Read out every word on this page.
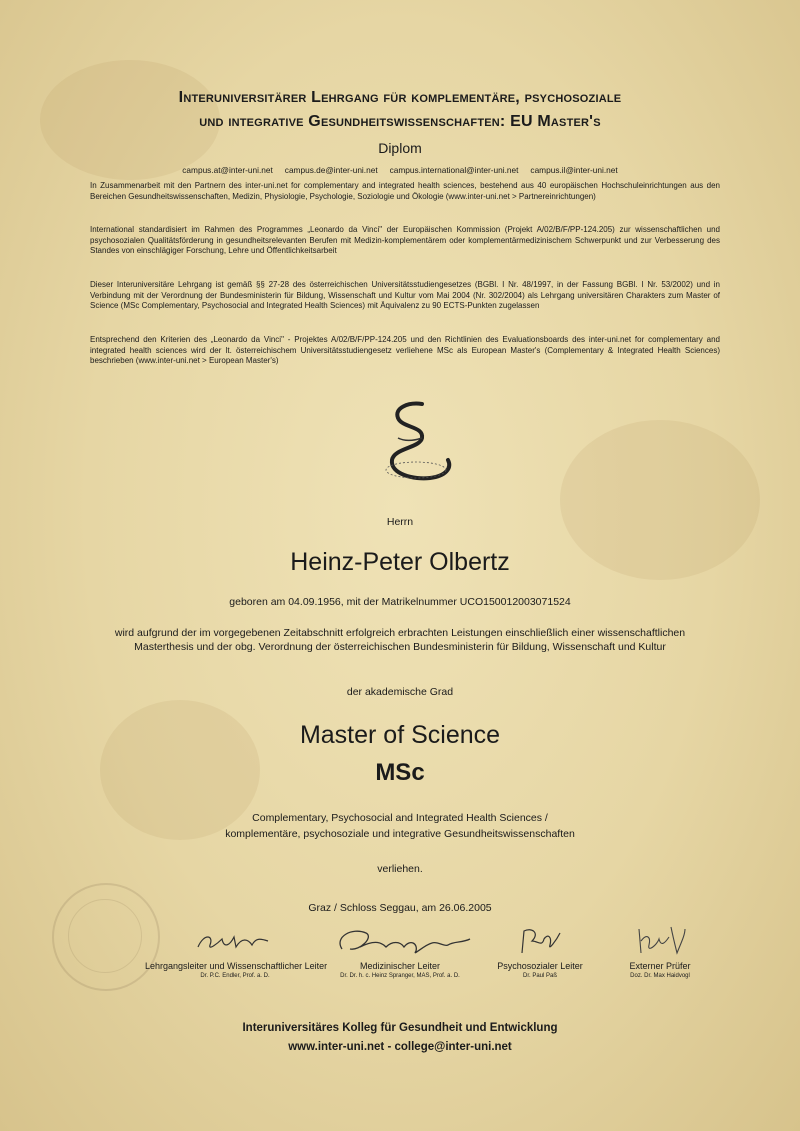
Interuniversitärer Lehrgang für komplementäre, psychosoziale
und integrative Gesundheitswissenschaften: EU Master's
Diplom
campus.at@inter-uni.net campus.de@inter-uni.net campus.international@inter-uni.net campus.il@inter-uni.net
In Zusammenarbeit mit den Partnern des inter-uni.net for complementary and integrated health sciences, bestehend aus 40 europäischen Hochschuleinrichtungen aus den Bereichen Gesundheitswissenschaften, Medizin, Physiologie, Psychologie, Soziologie und Ökologie (www.inter-uni.net > Partnereinrichtungen)
International standardisiert im Rahmen des Programmes „Leonardo da Vinci" der Europäischen Kommission (Projekt A/02/B/F/PP-124.205) zur wissenschaftlichen und psychosozialen Qualitätsförderung in gesundheitsrelevanten Berufen mit Medizin-komplementärem oder komplementärmedizinischem Schwerpunkt und zur Verbesserung des Standes von einschlägiger Forschung, Lehre und Öffentlichkeitsarbeit
Dieser Interuniversitäre Lehrgang ist gemäß §§ 27-28 des österreichischen Universitätsstudiengesetzes (BGBl. I Nr. 48/1997, in der Fassung BGBl. I Nr. 53/2002) und in Verbindung mit der Verordnung der Bundesministerin für Bildung, Wissenschaft und Kultur vom Mai 2004 (Nr. 302/2004) als Lehrgang universitären Charakters zum Master of Science (MSc Complementary, Psychosocial and Integrated Health Sciences) mit Äquivalenz zu 90 ECTS-Punkten zugelassen
Entsprechend den Kriterien des „Leonardo da Vinci" - Projektes A/02/B/F/PP-124.205 und den Richtlinien des Evaluationsboards des inter-uni.net for complementary and integrated health sciences wird der lt. österreichischem Universitätsstudiengesetz verliehene MSc als European Master's (Complementary & Integrated Health Sciences) beschrieben (www.inter-uni.net > European Master's)
Herrn
Heinz-Peter Olbertz
geboren am 04.09.1956, mit der Matrikelnummer UCO150012003071524
wird aufgrund der im vorgegebenen Zeitabschnitt erfolgreich erbrachten Leistungen einschließlich einer wissenschaftlichen Masterthesis und der obg. Verordnung der österreichischen Bundesministerin für Bildung, Wissenschaft und Kultur
der akademische Grad
Master of Science
MSc
Complementary, Psychosocial and Integrated Health Sciences /
komplementäre, psychosoziale und integrative Gesundheitswissenschaften
verliehen.
Graz / Schloss Seggau, am 26.06.2005
Lehrgangsleiter und Wissenschaftlicher Leiter
Dr. P.C. Endler, Prof. a. D.
Medizinischer Leiter
Dr. Dr. h. c. Heinz Spranger, MAS, Prof. a. D.
Psychosozialer Leiter
Dr. Paul Paß
Externer Prüfer
Doz. Dr. Max Haidvogl
Interuniversitäres Kolleg für Gesundheit und Entwicklung
www.inter-uni.net - college@inter-uni.net
